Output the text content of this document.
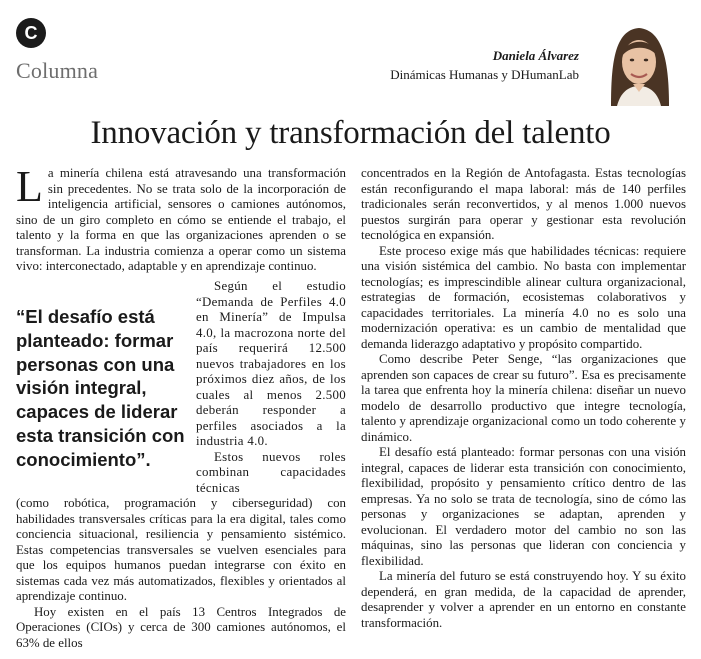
C
Columna
Daniela Álvarez
Dinámicas Humanas y DHumanLab
Innovación y transformación del talento

La minería chilena está atravesando una transformación sin precedentes. No se trata solo de la incorporación de inteligencia artificial, sensores o camiones autónomos, sino de un giro completo en cómo se entiende el trabajo, el talento y la forma en que las organizaciones aprenden o se transforman. La industria comienza a operar como un sistema vivo: interconectado, adaptable y en aprendizaje continuo.

“El desafío está planteado: formar personas con una visión integral, capaces de liderar esta transición con conocimiento”.

Según el estudio “Demanda de Perfiles 4.0 en Minería” de Impulsa 4.0, la macrozona norte del país requerirá 12.500 nuevos trabajadores en los próximos diez años, de los cuales al menos 2.500 deberán responder a perfiles asociados a la industria 4.0.

Estos nuevos roles combinan capacidades técnicas

(como robótica, programación y ciberseguridad) con habilidades transversales críticas para la era digital, tales como conciencia situacional, resiliencia y pensamiento sistémico. Estas competencias transversales se vuelven esenciales para que los equipos humanos puedan integrarse con éxito en sistemas cada vez más automatizados, flexibles y orientados al aprendizaje continuo.

Hoy existen en el país 13 Centros Integrados de Operaciones (CIOs) y cerca de 300 camiones autónomos, el 63% de ellos

concentrados en la Región de Antofagasta. Estas tecnologías están reconfigurando el mapa laboral: más de 140 perfiles tradicionales serán reconvertidos, y al menos 1.000 nuevos puestos surgirán para operar y gestionar esta revolución tecnológica en expansión.

Este proceso exige más que habilidades técnicas: requiere una visión sistémica del cambio. No basta con implementar tecnologías; es imprescindible alinear cultura organizacional, estrategias de formación, ecosistemas colaborativos y capacidades territoriales. La minería 4.0 no es solo una modernización operativa: es un cambio de mentalidad que demanda liderazgo adaptativo y propósito compartido.

Como describe Peter Senge, “las organizaciones que aprenden son capaces de crear su futuro”. Esa es precisamente la tarea que enfrenta hoy la minería chilena: diseñar un nuevo modelo de desarrollo productivo que integre tecnología, talento y aprendizaje organizacional como un todo coherente y dinámico.

El desafío está planteado: formar personas con una visión integral, capaces de liderar esta transición con conocimiento, flexibilidad, propósito y pensamiento crítico dentro de las empresas. Ya no solo se trata de tecnología, sino de cómo las personas y organizaciones se adaptan, aprenden y evolucionan. El verdadero motor del cambio no son las máquinas, sino las personas que lideran con conciencia y flexibilidad.

La minería del futuro se está construyendo hoy. Y su éxito dependerá, en gran medida, de la capacidad de aprender, desaprender y volver a aprender en un entorno en constante transformación.
